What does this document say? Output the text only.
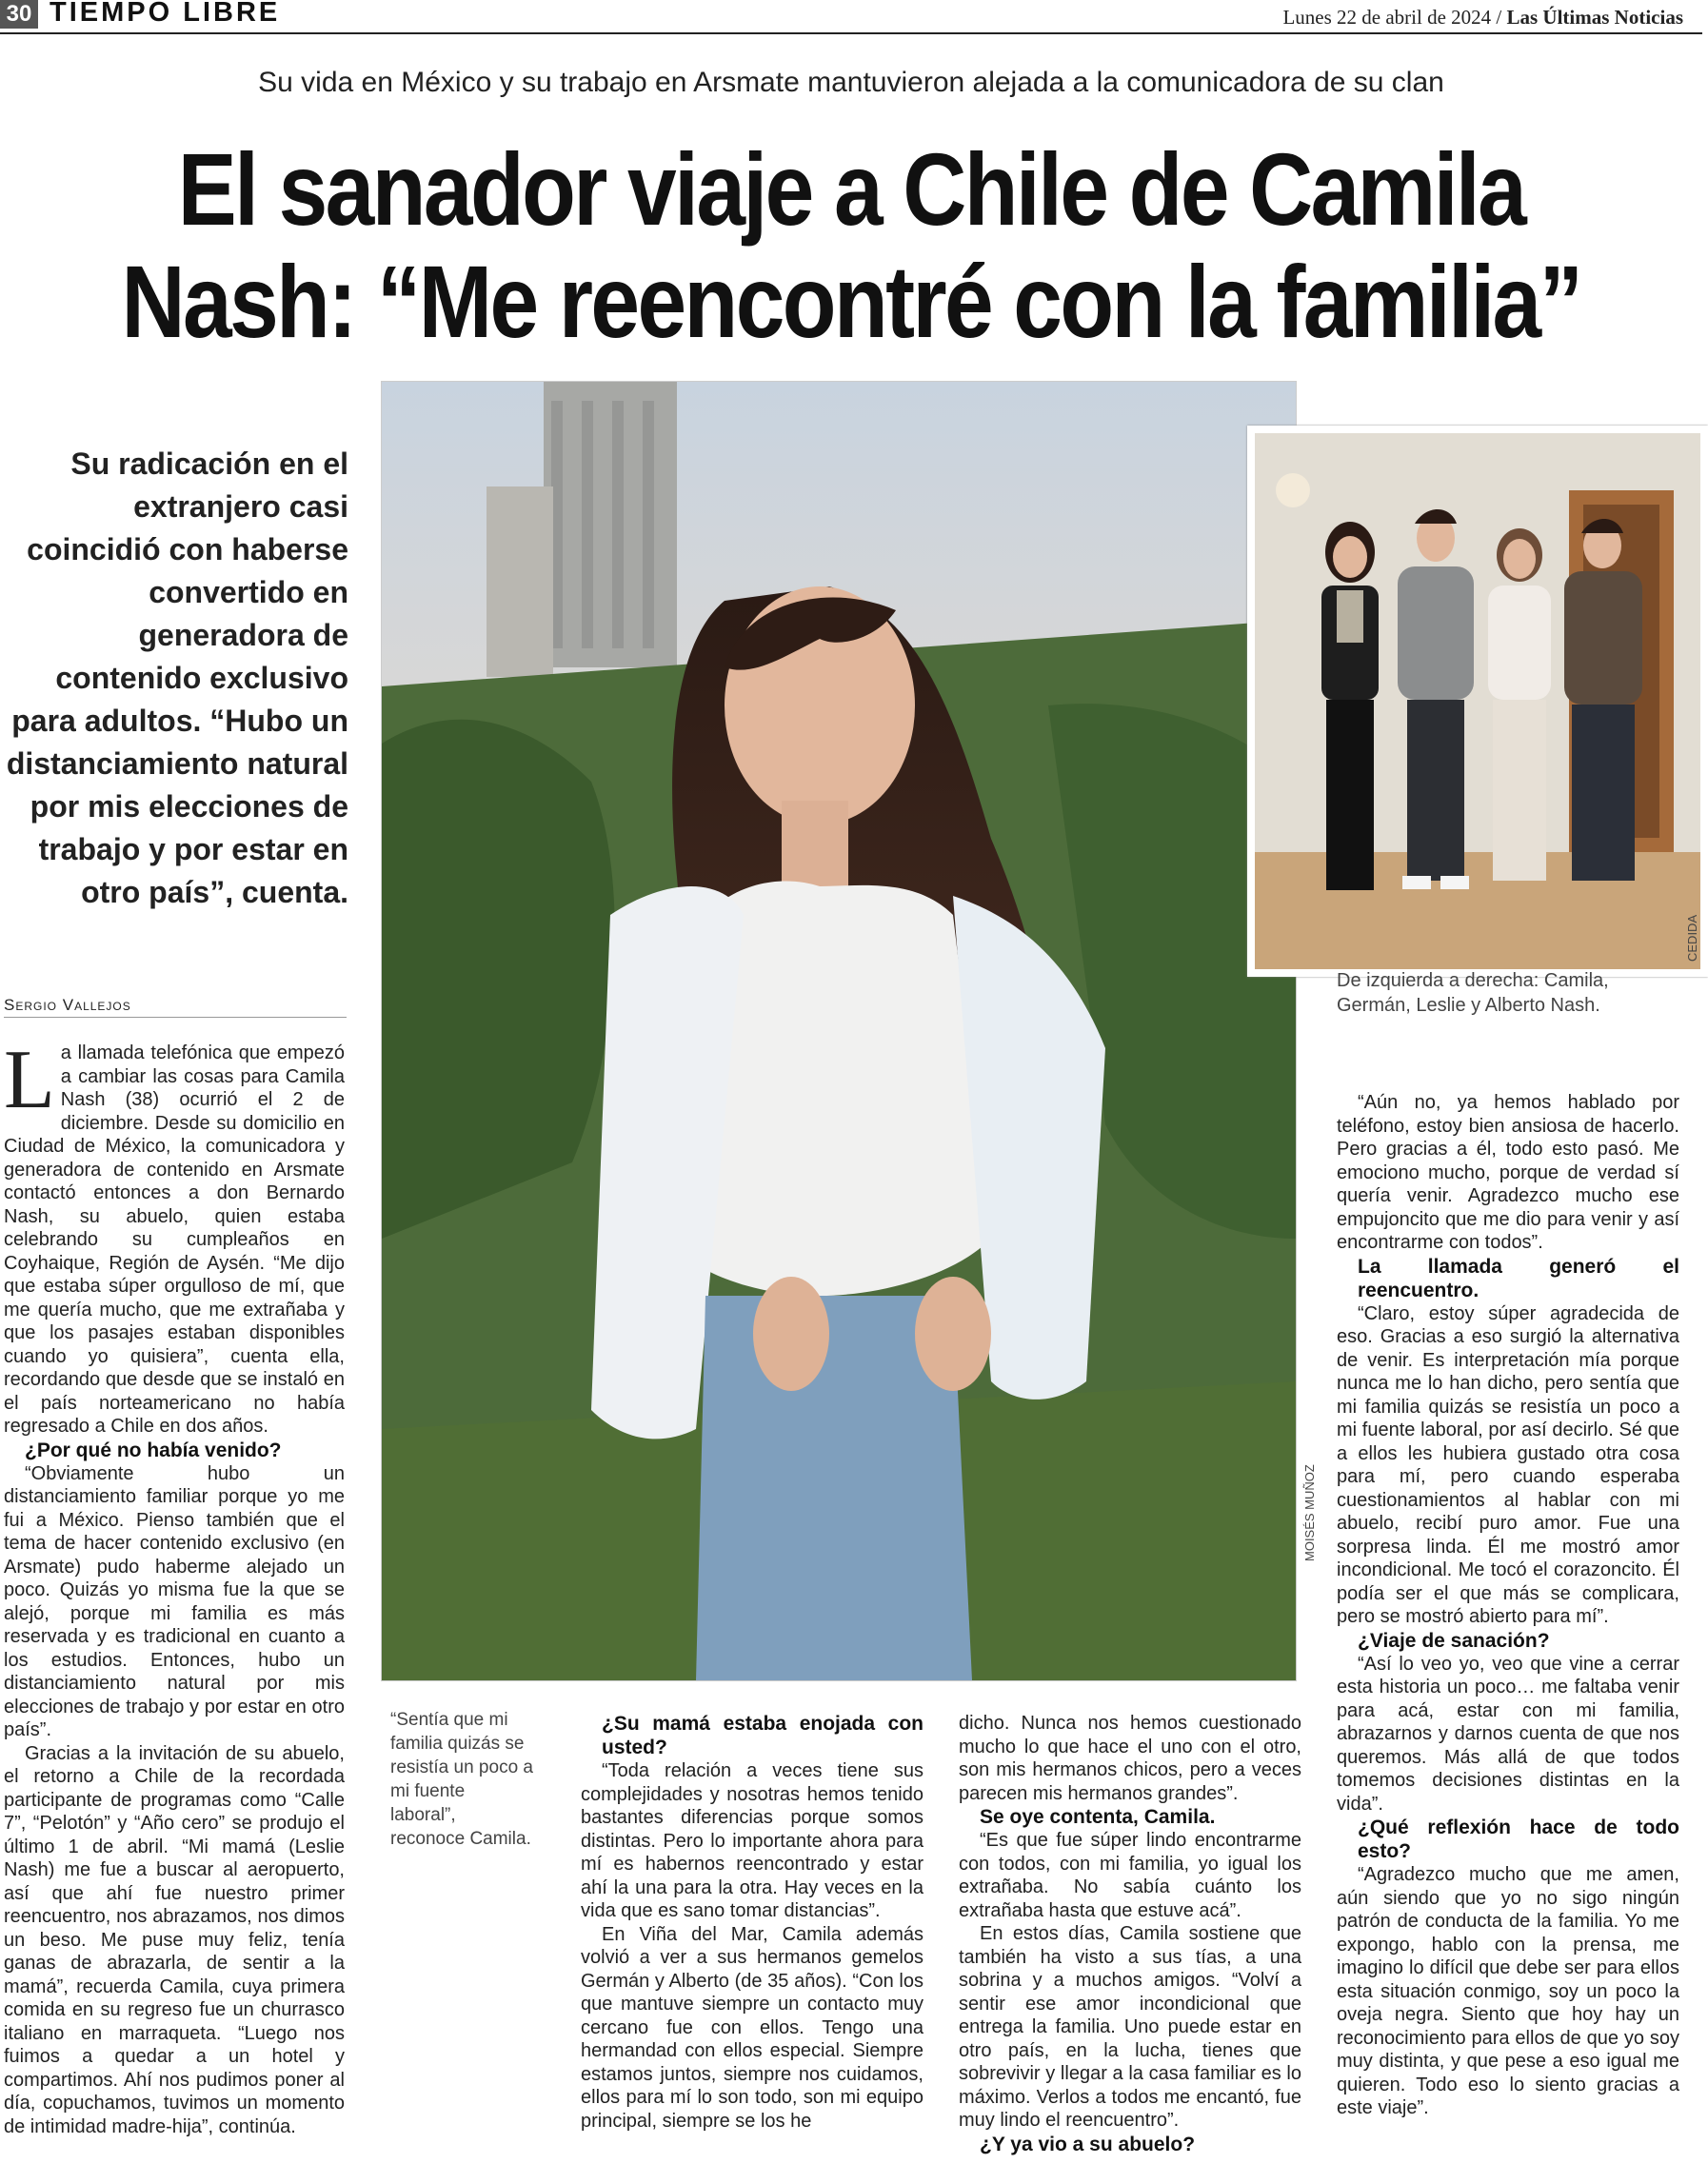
30 TIEMPO LIBRE	Lunes 22 de abril de 2024 / Las Últimas Noticias
Su vida en México y su trabajo en Arsmate mantuvieron alejada a la comunicadora de su clan
El sanador viaje a Chile de Camila
Nash: “Me reencontré con la familia”
Su radicación en el extranjero casi coincidió con haberse convertido en generadora de contenido exclusivo para adultos. “Hubo un distanciamiento natural por mis elecciones de trabajo y por estar en otro país”, cuenta.
Sergio Vallejos

La llamada telefónica que empezó a cambiar las cosas para Camila Nash (38) ocurrió el 2 de diciembre. Desde su domicilio en Ciudad de México, la comunicadora y generadora de contenido en Arsmate contactó entonces a don Bernardo Nash, su abuelo, quien estaba celebrando su cumpleaños en Coyhaique, Región de Aysén. “Me dijo que estaba súper orgulloso de mí, que me quería mucho, que me extrañaba y que los pasajes estaban disponibles cuando yo quisiera”, cuenta ella, recordando que desde que se instaló en el país norteamericano no había regresado a Chile en dos años.

¿Por qué no había venido?

“Obviamente hubo un distanciamiento familiar porque yo me fui a México. Pienso también que el tema de hacer contenido exclusivo (en Arsmate) pudo haberme alejado un poco. Quizás yo misma fue la que se alejó, porque mi familia es más reservada y es tradicional en cuanto a los estudios. Entonces, hubo un distanciamiento natural por mis elecciones de trabajo y por estar en otro país”.

Gracias a la invitación de su abuelo, el retorno a Chile de la recordada participante de programas como “Calle 7”, “Pelotón” y “Año cero” se produjo el último 1 de abril. “Mi mamá (Leslie Nash) me fue a buscar al aeropuerto, así que ahí fue nuestro primer reencuentro, nos abrazamos, nos dimos un beso. Me puse muy feliz, tenía ganas de abrazarla, de sentir a la mamá”, recuerda Camila, cuya primera comida en su regreso fue un churrasco italiano en marraqueta. “Luego nos fuimos a quedar a un hotel y compartimos. Ahí nos pudimos poner al día, copuchamos, tuvimos un momento de intimidad madre-hija”, continúa.

MOISÉS MUÑOZ
CEDIDA
De izquierda a derecha: Camila, Germán, Leslie y Alberto Nash.
“Sentía que mi familia quizás se resistía un poco a mi fuente laboral”, reconoce Camila.
¿Su mamá estaba enojada con usted?

“Toda relación a veces tiene sus complejidades y nosotras hemos tenido bastantes diferencias porque somos distintas. Pero lo importante ahora para mí es habernos reencontrado y estar ahí la una para la otra. Hay veces en la vida que es sano tomar distancias”.

En Viña del Mar, Camila además volvió a ver a sus hermanos gemelos Germán y Alberto (de 35 años). “Con los que mantuve siempre un contacto muy cercano fue con ellos. Tengo una hermandad con ellos especial. Siempre estamos juntos, siempre nos cuidamos, ellos para mí lo son todo, son mi equipo principal, siempre se los he

dicho. Nunca nos hemos cuestionado mucho lo que hace el uno con el otro, son mis hermanos chicos, pero a veces parecen mis hermanos grandes”.

Se oye contenta, Camila.

“Es que fue súper lindo encontrarme con todos, con mi familia, yo igual los extrañaba. No sabía cuánto los extrañaba hasta que estuve acá”.

En estos días, Camila sostiene que también ha visto a sus tías, a una sobrina y a muchos amigos. “Volví a sentir ese amor incondicional que entrega la familia. Uno puede estar en otro país, en la lucha, tienes que sobrevivir y llegar a la casa familiar es lo máximo. Verlos a todos me encantó, fue muy lindo el reencuentro”.

¿Y ya vio a su abuelo?

“Aún no, ya hemos hablado por teléfono, estoy bien ansiosa de hacerlo. Pero gracias a él, todo esto pasó. Me emociono mucho, porque de verdad sí quería venir. Agradezco mucho ese empujoncito que me dio para venir y así encontrarme con todos”.

La llamada generó el reencuentro.

“Claro, estoy súper agradecida de eso. Gracias a eso surgió la alternativa de venir. Es interpretación mía porque nunca me lo han dicho, pero sentía que mi familia quizás se resistía un poco a mi fuente laboral, por así decirlo. Sé que a ellos les hubiera gustado otra cosa para mí, pero cuando esperaba cuestionamientos al hablar con mi abuelo, recibí puro amor. Fue una sorpresa linda. Él me mostró amor incondicional. Me tocó el corazoncito. Él podía ser el que más se complicara, pero se mostró abierto para mí”.

¿Viaje de sanación?

“Así lo veo yo, veo que vine a cerrar esta historia un poco… me faltaba venir para acá, estar con mi familia, abrazarnos y darnos cuenta de que nos queremos. Más allá de que todos tomemos decisiones distintas en la vida”.

¿Qué reflexión hace de todo esto?

“Agradezco mucho que me amen, aún siendo que yo no sigo ningún patrón de conducta de la familia. Yo me expongo, hablo con la prensa, me imagino lo difícil que debe ser para ellos esta situación conmigo, soy un poco la oveja negra. Siento que hoy hay un reconocimiento para ellos de que yo soy muy distinta, y que pese a eso igual me quieren. Todo eso lo siento gracias a este viaje”.
